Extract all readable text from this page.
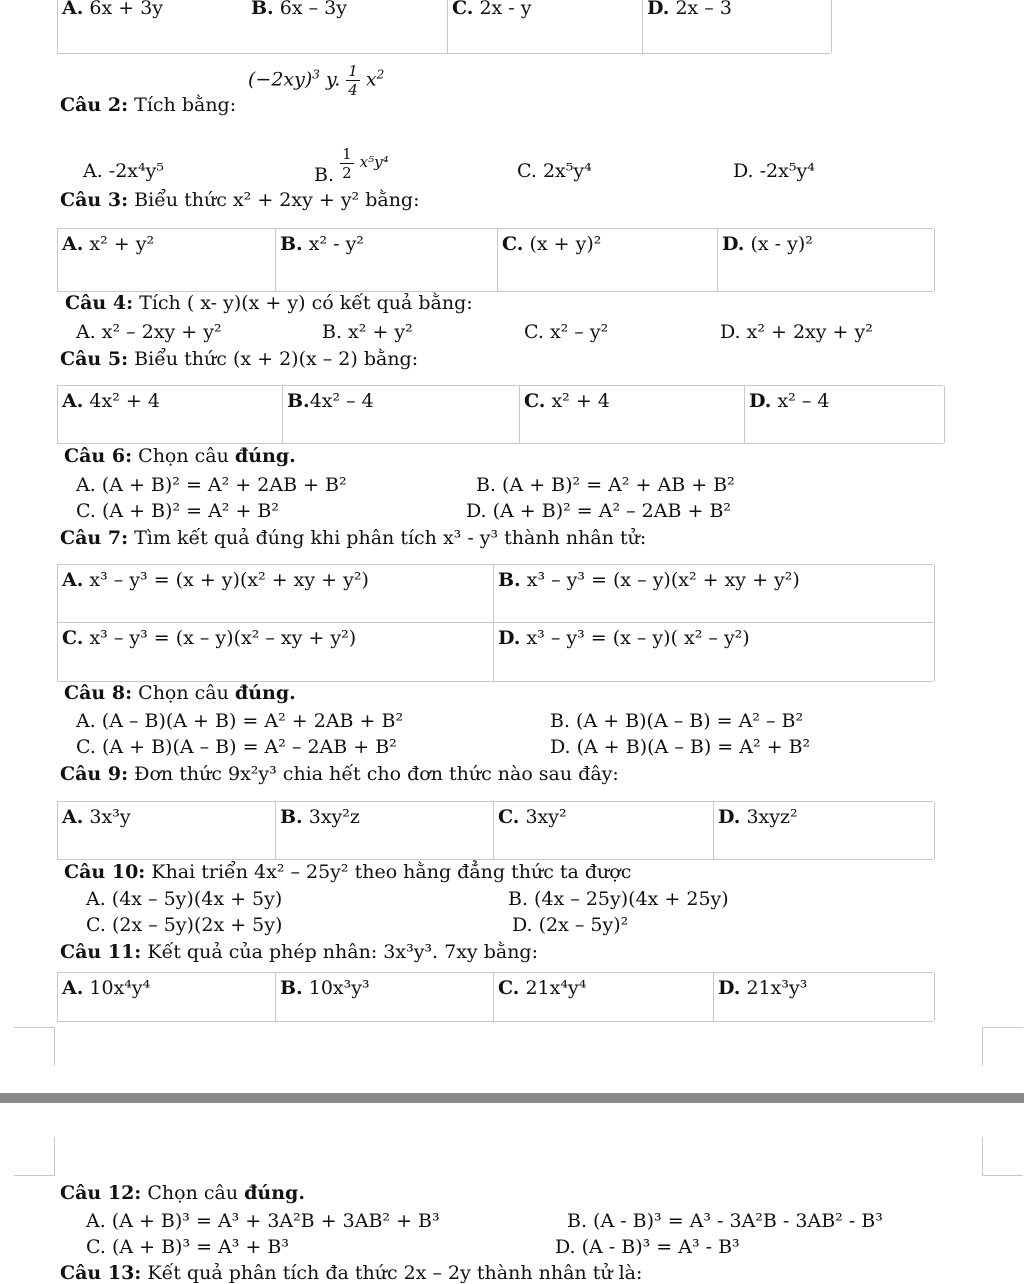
A. 6x + 3y	B. 6x – 3y	C. 2x - y	D. 2x – 3
Câu 2: Tích bằng:
$(-2xy)^3$ y. $\frac{1}{4} x^2$
A. -2x⁴y⁵	B. $\frac{1}{2} x^5y^4$	C. 2x⁵y⁴	D. -2x⁵y⁴
Câu 3: Biểu thức x² + 2xy + y² bằng:
A. x² + y²	B. x² - y²	C. (x + y)²	D. (x - y)²
Câu 4: Tích ( x- y)(x + y) có kết quả bằng:
A. x² – 2xy + y²	B. x² + y²	C. x² – y²	D. x² + 2xy + y²
Câu 5: Biểu thức (x + 2)(x – 2) bằng:
A. 4x² + 4	B.4x² – 4	C. x² + 4	D. x² – 4
Câu 6: Chọn câu đúng.
A. (A + B)² = A² + 2AB + B²	B. (A + B)² = A² + AB + B²
C. (A + B)² = A² + B²	D. (A + B)² = A² – 2AB + B²
Câu 7: Tìm kết quả đúng khi phân tích x³ - y³ thành nhân tử:
A. x³ – y³ = (x + y)(x² + xy + y²)	B. x³ – y³ = (x – y)(x² + xy + y²)
C. x³ – y³ = (x – y)(x² – xy + y²)	D. x³ – y³ = (x – y)( x² – y²)
Câu 8: Chọn câu đúng.
A. (A – B)(A + B) = A² + 2AB + B²	B. (A + B)(A – B) = A² – B²
C. (A + B)(A – B) = A² – 2AB + B²	D. (A + B)(A – B) = A² + B²
Câu 9: Đơn thức 9x²y³ chia hết cho đơn thức nào sau đây:
A. 3x³y	B. 3xy²z	C. 3xy²	D. 3xyz²
Câu 10: Khai triển 4x² – 25y² theo hằng đẳng thức ta được
A. (4x – 5y)(4x + 5y)	B. (4x – 25y)(4x + 25y)
C. (2x – 5y)(2x + 5y)	D. (2x – 5y)²
Câu 11: Kết quả của phép nhân: 3x³y³. 7xy bằng:
A. 10x⁴y⁴	B. 10x³y³	C. 21x⁴y⁴	D. 21x³y³
Câu 12: Chọn câu đúng.
A. (A + B)³ = A³ + 3A²B + 3AB² + B³	B. (A - B)³ = A³ - 3A²B - 3AB² - B³
C. (A + B)³ = A³ + B³	D. (A - B)³ = A³ - B³
Câu 13: Kết quả phân tích đa thức 2x – 2y thành nhân tử là:
